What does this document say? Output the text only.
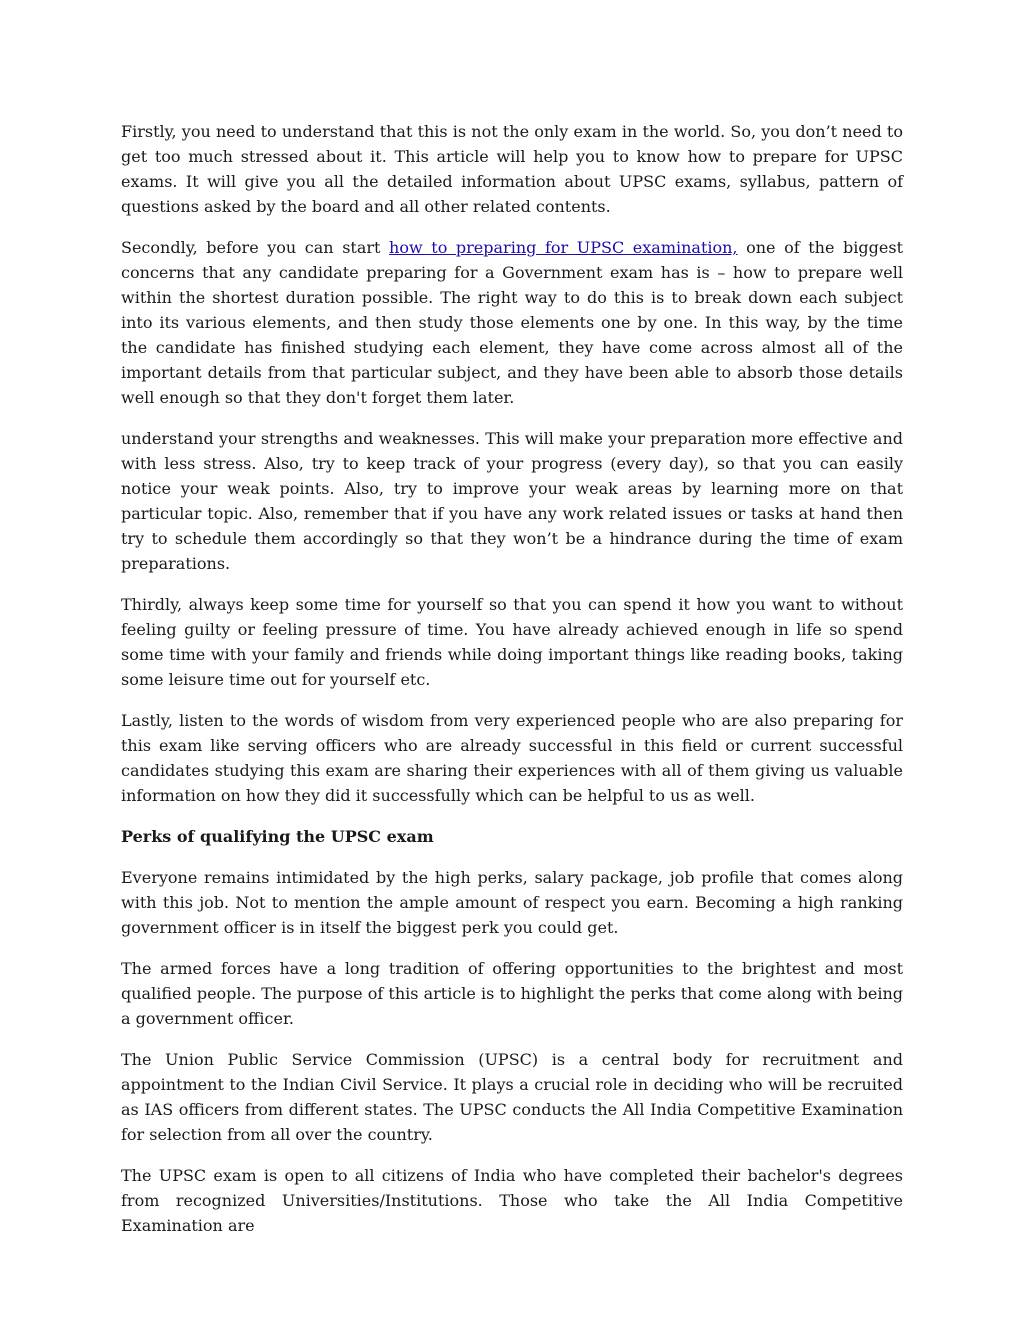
Firstly, you need to understand that this is not the only exam in the world. So, you don’t need to get too much stressed about it. This article will help you to know how to prepare for UPSC exams. It will give you all the detailed information about UPSC exams, syllabus, pattern of questions asked by the board and all other related contents.

Secondly, before you can start how to preparing for UPSC examination, one of the biggest concerns that any candidate preparing for a Government exam has is – how to prepare well within the shortest duration possible. The right way to do this is to break down each subject into its various elements, and then study those elements one by one. In this way, by the time the candidate has finished studying each element, they have come across almost all of the important details from that particular subject, and they have been able to absorb those details well enough so that they don't forget them later.

understand your strengths and weaknesses. This will make your preparation more effective and with less stress. Also, try to keep track of your progress (every day), so that you can easily notice your weak points. Also, try to improve your weak areas by learning more on that particular topic. Also, remember that if you have any work related issues or tasks at hand then try to schedule them accordingly so that they won’t be a hindrance during the time of exam preparations.

Thirdly, always keep some time for yourself so that you can spend it how you want to without feeling guilty or feeling pressure of time. You have already achieved enough in life so spend some time with your family and friends while doing important things like reading books, taking some leisure time out for yourself etc.

Lastly, listen to the words of wisdom from very experienced people who are also preparing for this exam like serving officers who are already successful in this field or current successful candidates studying this exam are sharing their experiences with all of them giving us valuable information on how they did it successfully which can be helpful to us as well.

Perks of qualifying the UPSC exam

Everyone remains intimidated by the high perks, salary package, job profile that comes along with this job. Not to mention the ample amount of respect you earn. Becoming a high ranking government officer is in itself the biggest perk you could get.

The armed forces have a long tradition of offering opportunities to the brightest and most qualified people. The purpose of this article is to highlight the perks that come along with being a government officer.

The Union Public Service Commission (UPSC) is a central body for recruitment and appointment to the Indian Civil Service. It plays a crucial role in deciding who will be recruited as IAS officers from different states. The UPSC conducts the All India Competitive Examination for selection from all over the country.

The UPSC exam is open to all citizens of India who have completed their bachelor's degrees from recognized Universities/Institutions. Those who take the All India Competitive Examination are
